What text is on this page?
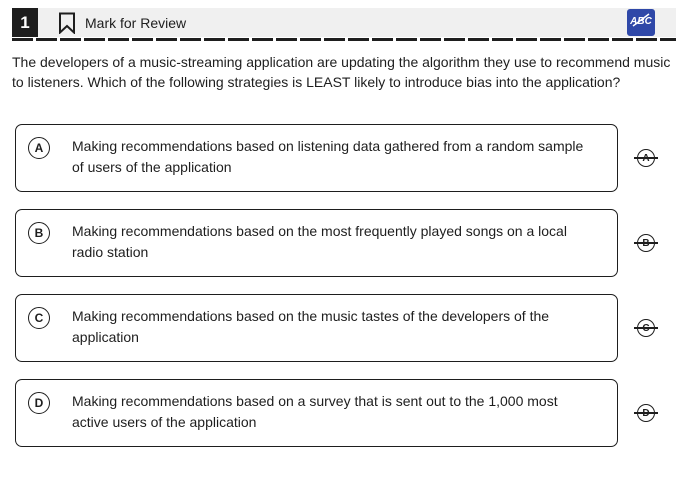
1	Mark for Review	ABC
The developers of a music-streaming application are updating the algorithm they use to recommend music to listeners. Which of the following strategies is LEAST likely to introduce bias into the application?
A	Making recommendations based on listening data gathered from a random sample of users of the application
B	Making recommendations based on the most frequently played songs on a local radio station
C	Making recommendations based on the music tastes of the developers of the application
D	Making recommendations based on a survey that is sent out to the 1,000 most active users of the application
